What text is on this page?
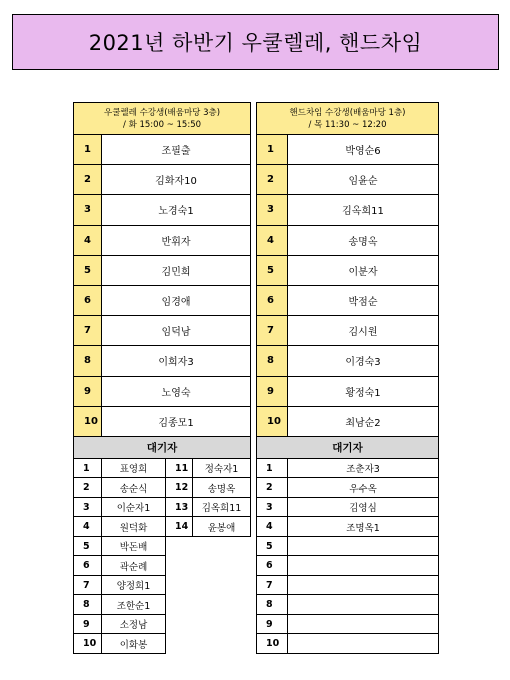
2021년 하반기 우쿨렐레, 핸드차임
우쿨렐레 수강생(배움마당 3층)
/ 화 15:00 ~ 15:50			

1	조필출		
2	김화자10		
3	노경숙1		
4	반휘자		
5	김민희		
6	임경애		
7	임덕남		
8	이희자3		
9	노영숙		
10	김종모1		
대기자			
1	표영희	11	정숙자1
2	송순식	12	송명옥
3	이순자1	13	김옥희11
4	원덕화	14	윤봉애
5	박돈배		
6	곽순례		
7	양정희1		
8	조한순1		
9	소정남		
10	이화봉		
핸드차임 수강생(배움마당 1층)
/ 목 11:30 ~ 12:20	

1	박영순6
2	임윤순
3	김옥희11
4	송명옥
5	이분자
6	박점순
7	김시원
8	이경숙3
9	황정숙1
10	최남순2
대기자	
1	조춘자3
2	우수옥
3	김영심
4	조명옥1
5	
6	
7	
8	
9	
10	
